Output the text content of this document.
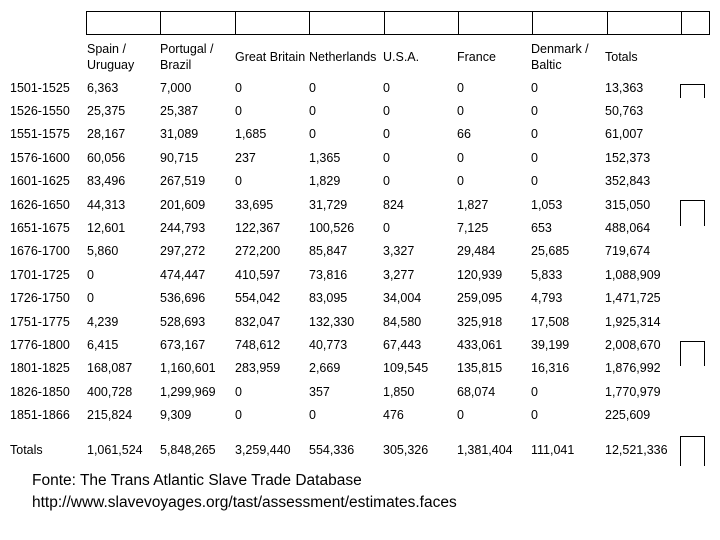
	Spain / Uruguay	Portugal / Brazil	Great Britain	Netherlands	U.S.A.	France	Denmark / Baltic	Totals
1501-1525	6,363	7,000	0	0	0	0	0	13,363
1526-1550	25,375	25,387	0	0	0	0	0	50,763
1551-1575	28,167	31,089	1,685	0	0	66	0	61,007
1576-1600	60,056	90,715	237	1,365	0	0	0	152,373
1601-1625	83,496	267,519	0	1,829	0	0	0	352,843
1626-1650	44,313	201,609	33,695	31,729	824	1,827	1,053	315,050
1651-1675	12,601	244,793	122,367	100,526	0	7,125	653	488,064
1676-1700	5,860	297,272	272,200	85,847	3,327	29,484	25,685	719,674
1701-1725	0	474,447	410,597	73,816	3,277	120,939	5,833	1,088,909
1726-1750	0	536,696	554,042	83,095	34,004	259,095	4,793	1,471,725
1751-1775	4,239	528,693	832,047	132,330	84,580	325,918	17,508	1,925,314
1776-1800	6,415	673,167	748,612	40,773	67,443	433,061	39,199	2,008,670
1801-1825	168,087	1,160,601	283,959	2,669	109,545	135,815	16,316	1,876,992
1826-1850	400,728	1,299,969	0	357	1,850	68,074	0	1,770,979
1851-1866	215,824	9,309	0	0	476	0	0	225,609
Totals	1,061,524	5,848,265	3,259,440	554,336	305,326	1,381,404	111,041	12,521,336
Fonte: The Trans Atlantic Slave Trade Database
http://www.slavevoyages.org/tast/assessment/estimates.faces
